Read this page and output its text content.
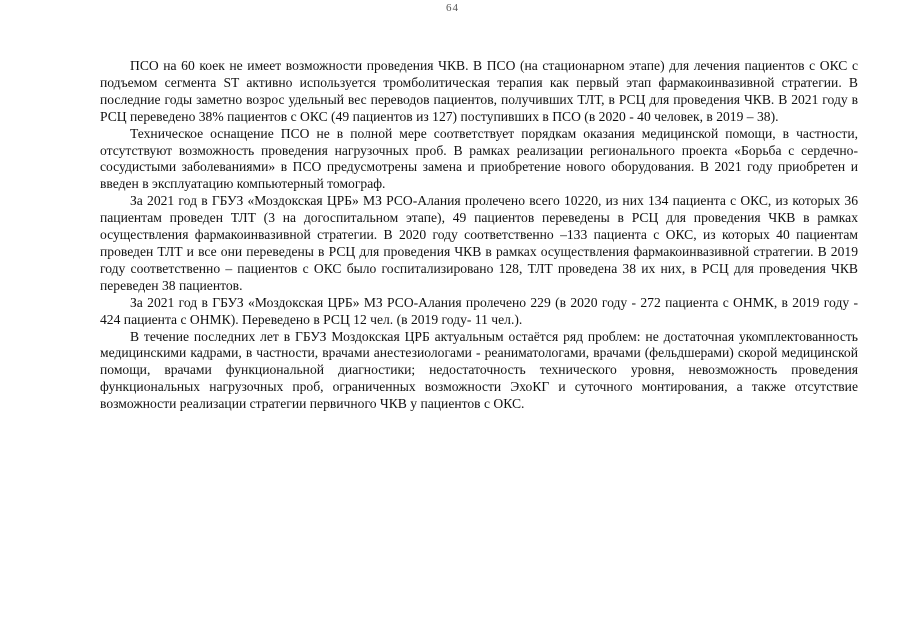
64

ПСО на 60 коек не имеет возможности проведения ЧКВ. В ПСО (на стационарном этапе) для лечения пациентов с ОКС с подъемом сегмента ST активно используется тромболитическая терапия как первый этап фармакоинвазивной стратегии. В последние годы заметно возрос удельный вес переводов пациентов, получивших ТЛТ, в РСЦ для проведения ЧКВ. В 2021 году в РСЦ переведено 38% пациентов с ОКС (49 пациентов из 127) поступивших в ПСО (в 2020 - 40 человек, в 2019 – 38).

Техническое оснащение ПСО не в полной мере соответствует порядкам оказания медицинской помощи, в частности, отсутствуют возможность проведения нагрузочных проб. В рамках реализации регионального проекта «Борьба с сердечно-сосудистыми заболеваниями» в ПСО предусмотрены замена и приобретение нового оборудования. В 2021 году приобретен и введен в эксплуатацию компьютерный томограф.

За 2021 год в ГБУЗ «Моздокская ЦРБ» МЗ РСО-Алания пролечено всего 10220, из них 134 пациента с ОКС, из которых 36 пациентам проведен ТЛТ (3 на догоспитальном этапе), 49 пациентов переведены в РСЦ для проведения ЧКВ в рамках осуществления фармакоинвазивной стратегии. В 2020 году соответственно –133 пациента с ОКС, из которых 40 пациентам проведен ТЛТ и все они переведены в РСЦ для проведения ЧКВ в рамках осуществления фармакоинвазивной стратегии. В 2019 году соответственно – пациентов с ОКС было госпитализировано 128, ТЛТ проведена 38 их них, в РСЦ для проведения ЧКВ переведен 38 пациентов.

За 2021 год в ГБУЗ «Моздокская ЦРБ» МЗ РСО-Алания пролечено 229 (в 2020 году - 272 пациента с ОНМК, в 2019 году - 424 пациента с ОНМК). Переведено в РСЦ 12 чел. (в 2019 году- 11 чел.).

В течение последних лет в ГБУЗ Моздокская ЦРБ актуальным остаётся ряд проблем: не достаточная укомплектованность медицинскими кадрами, в частности, врачами анестезиологами - реаниматологами, врачами (фельдшерами) скорой медицинской помощи, врачами функциональной диагностики; недостаточность технического уровня, невозможность проведения функциональных нагрузочных проб, ограниченных возможности ЭхоКГ и суточного монтирования, а также отсутствие возможности реализации стратегии первичного ЧКВ у пациентов с ОКС.
